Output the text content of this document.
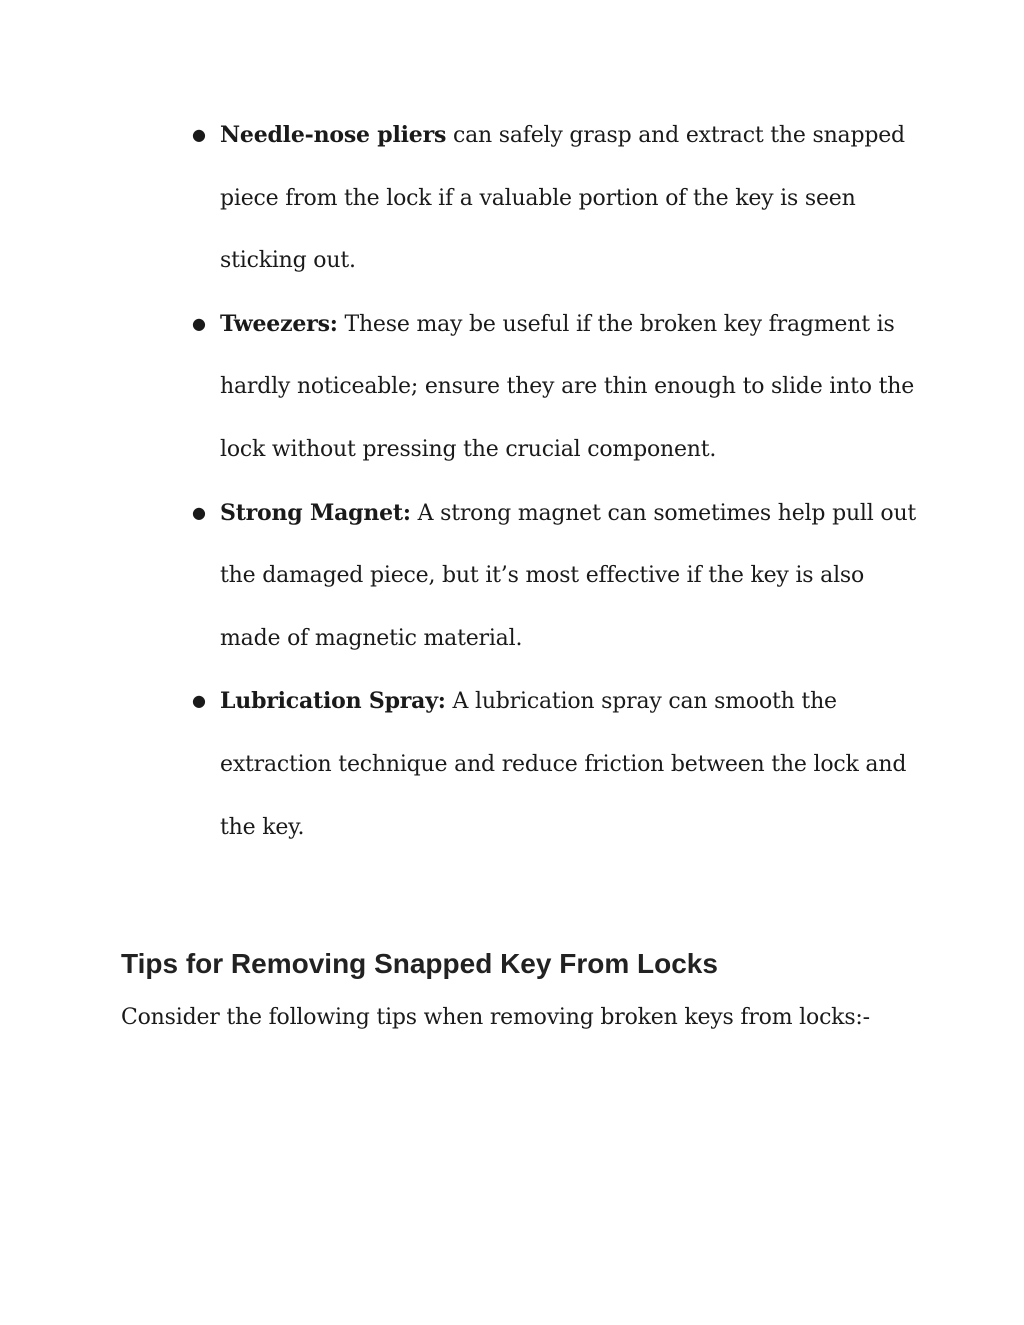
● Needle-nose pliers can safely grasp and extract the snapped piece from the lock if a valuable portion of the key is seen sticking out.
● Tweezers: These may be useful if the broken key fragment is hardly noticeable; ensure they are thin enough to slide into the lock without pressing the crucial component.
● Strong Magnet: A strong magnet can sometimes help pull out the damaged piece, but it’s most effective if the key is also made of magnetic material.
● Lubrication Spray: A lubrication spray can smooth the extraction technique and reduce friction between the lock and the key.
Tips for Removing Snapped Key From Locks

Consider the following tips when removing broken keys from locks:-
